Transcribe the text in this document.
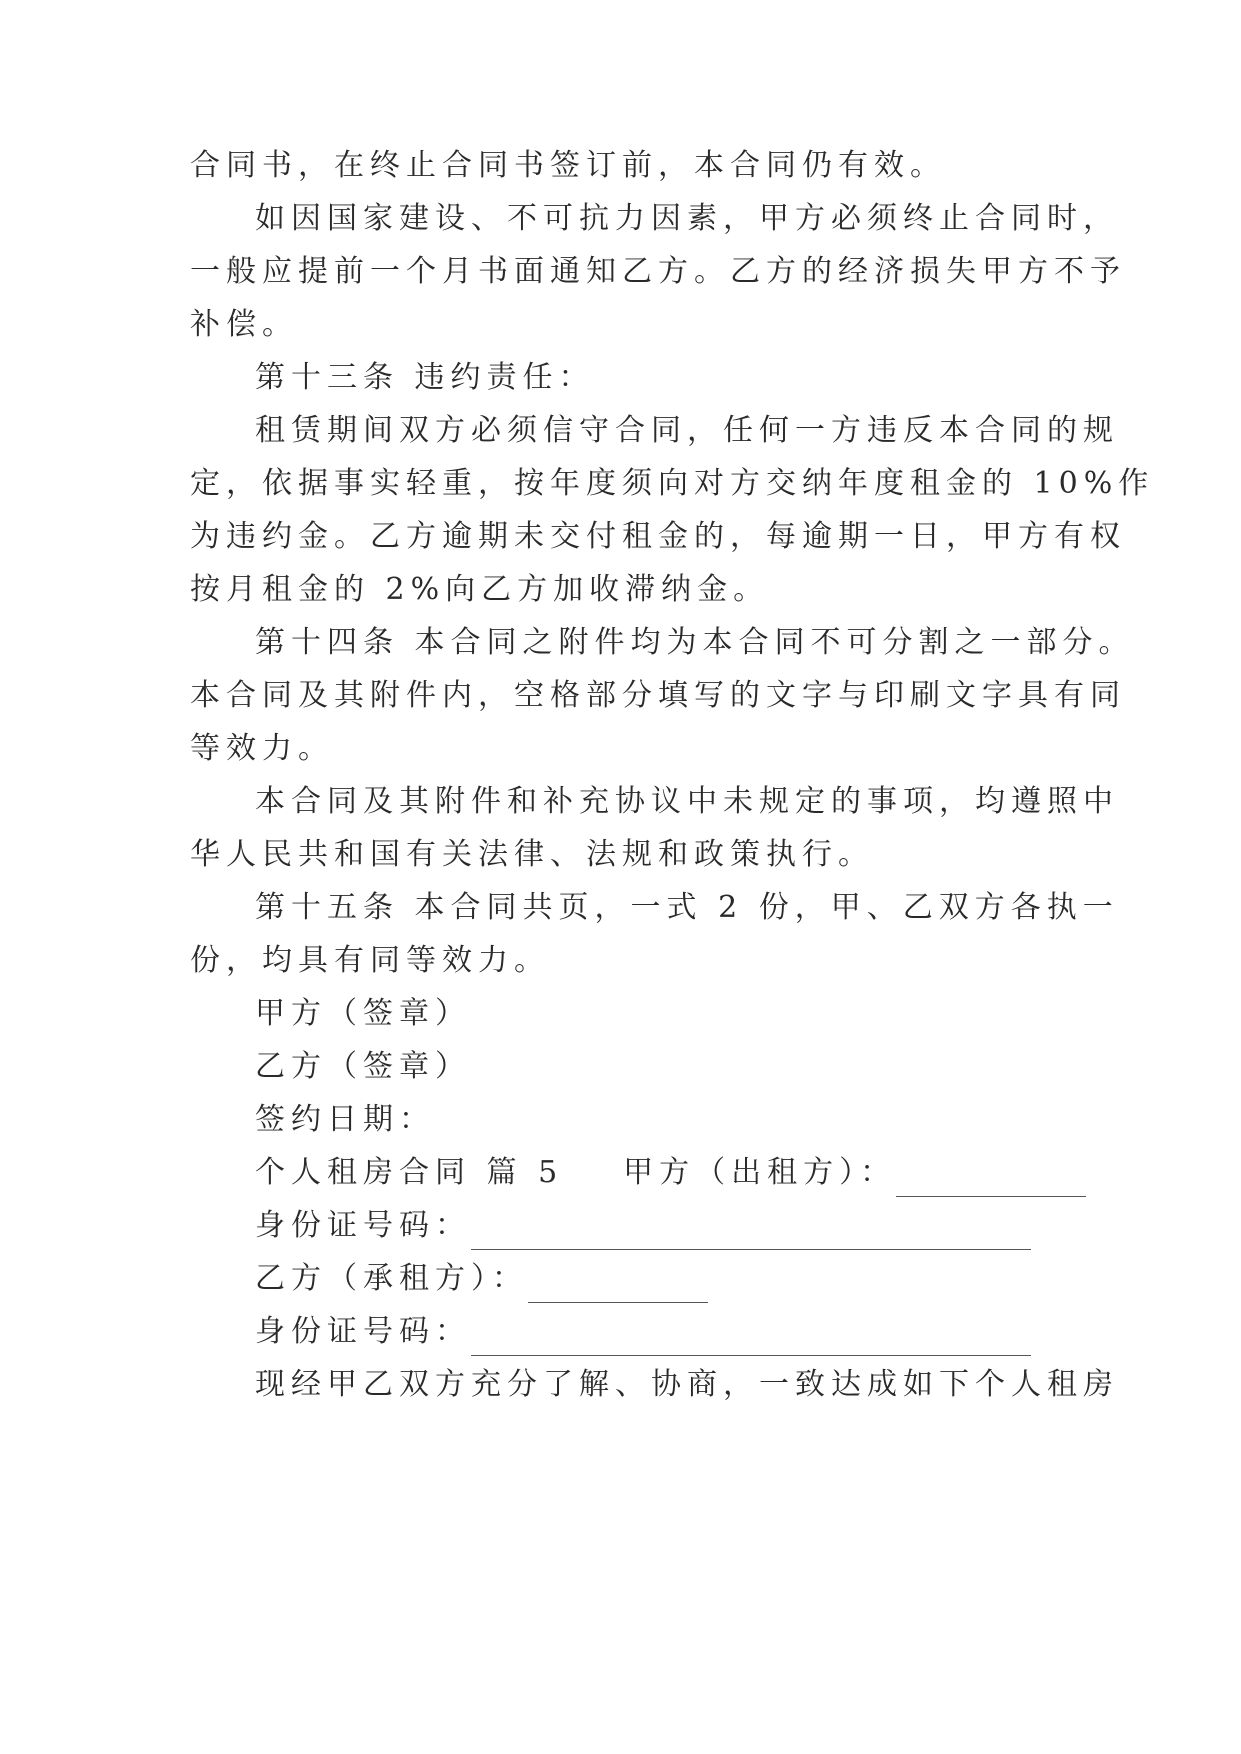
合同书，在终止合同书签订前，本合同仍有效。
如因国家建设、不可抗力因素，甲方必须终止合同时，
一般应提前一个月书面通知乙方。乙方的经济损失甲方不予
补偿。
第十三条 违约责任：
租赁期间双方必须信守合同，任何一方违反本合同的规
定，依据事实轻重，按年度须向对方交纳年度租金的 10%作
为违约金。乙方逾期未交付租金的，每逾期一日，甲方有权
按月租金的 2%向乙方加收滞纳金。
第十四条 本合同之附件均为本合同不可分割之一部分。
本合同及其附件内，空格部分填写的文字与印刷文字具有同
等效力。
本合同及其附件和补充协议中未规定的事项，均遵照中
华人民共和国有关法律、法规和政策执行。
第十五条 本合同共页，一式 2 份，甲、乙双方各执一
份，均具有同等效力。
甲方（签章）
乙方（签章）
签约日期：
个人租房合同 篇 5 甲方（出租方）：
身份证号码：
乙方（承租方）：
身份证号码：
现经甲乙双方充分了解、协商，一致达成如下个人租房
